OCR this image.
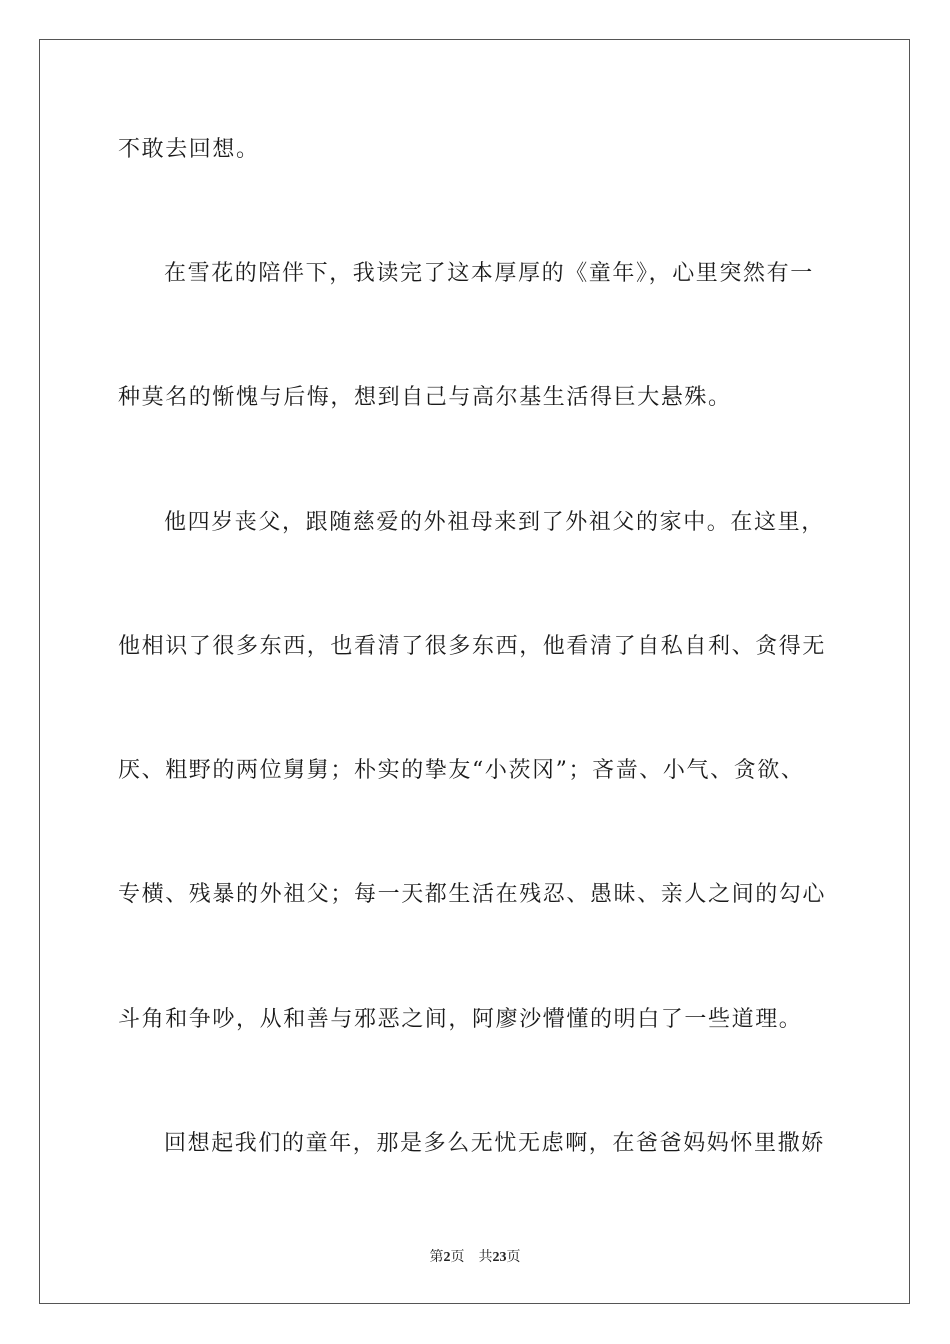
不敢去回想。
在雪花的陪伴下，我读完了这本厚厚的《童年》，心里突然有一
种莫名的惭愧与后悔，想到自己与高尔基生活得巨大悬殊。
他四岁丧父，跟随慈爱的外祖母来到了外祖父的家中。在这里，
他相识了很多东西，也看清了很多东西，他看清了自私自利、贪得无
厌、粗野的两位舅舅；朴实的挚友“小茨冈”；吝啬、小气、贪欲、
专横、残暴的外祖父；每一天都生活在残忍、愚昧、亲人之间的勾心
斗角和争吵，从和善与邪恶之间，阿廖沙懵懂的明白了一些道理。
回想起我们的童年，那是多么无忧无虑啊，在爸爸妈妈怀里撒娇
第2页 共23页
